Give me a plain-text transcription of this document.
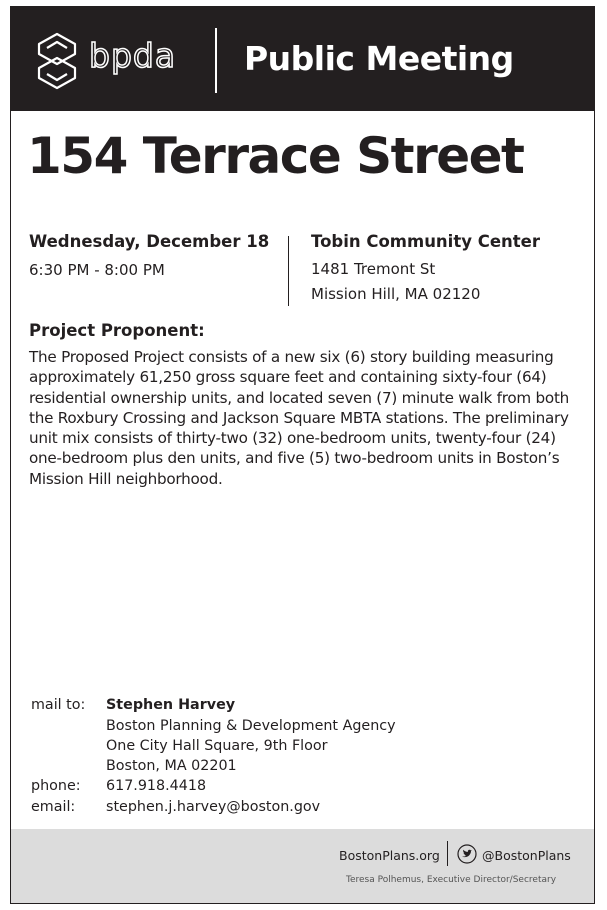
bpda Public Meeting
154 Terrace Street
Wednesday, December 18
6:30 PM - 8:00 PM
Tobin Community Center
1481 Tremont St
Mission Hill, MA 02120
Project Proponent:

The Proposed Project consists of a new six (6) story building measuring approximately 61,250 gross square feet and containing sixty-four (64) residential ownership units, and located seven (7) minute walk from both the Roxbury Crossing and Jackson Square MBTA stations. The preliminary unit mix consists of thirty-two (32) one-bedroom units, twenty-four (24) one-bedroom plus den units, and five (5) two-bedroom units in Boston’s Mission Hill neighborhood.

mail to: Stephen Harvey
Boston Planning & Development Agency
One City Hall Square, 9th Floor
Boston, MA 02201
phone: 617.918.4418
email: stephen.j.harvey@boston.gov
BostonPlans.org	@BostonPlans
Teresa Polhemus, Executive Director/Secretary
